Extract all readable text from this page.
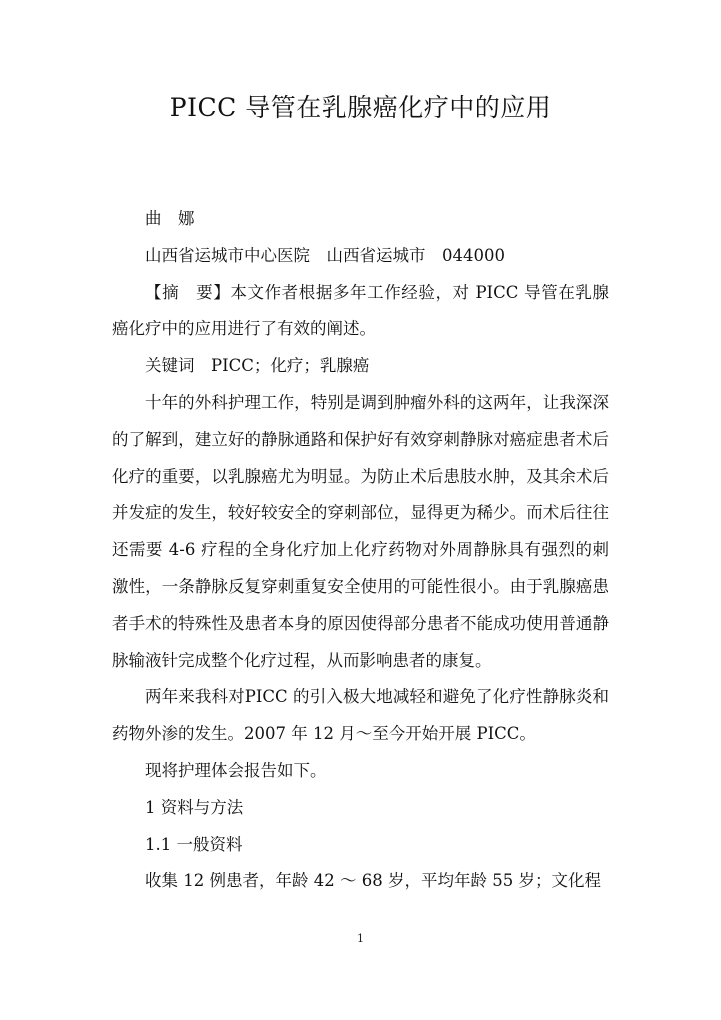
PICC 导管在乳腺癌化疗中的应用

曲　娜

山西省运城市中心医院　山西省运城市　044000

【摘　要】本文作者根据多年工作经验，对 PICC 导管在乳腺癌化疗中的应用进行了有效的阐述。

关键词　PICC；化疗；乳腺癌

十年的外科护理工作，特别是调到肿瘤外科的这两年，让我深深的了解到，建立好的静脉通路和保护好有效穿刺静脉对癌症患者术后化疗的重要，以乳腺癌尤为明显。为防止术后患肢水肿，及其余术后并发症的发生，较好较安全的穿刺部位，显得更为稀少。而术后往往还需要 4-6 疗程的全身化疗加上化疗药物对外周静脉具有强烈的刺激性，一条静脉反复穿刺重复安全使用的可能性很小。由于乳腺癌患者手术的特殊性及患者本身的原因使得部分患者不能成功使用普通静脉输液针完成整个化疗过程，从而影响患者的康复。

两年来我科对PICC 的引入极大地减轻和避免了化疗性静脉炎和药物外渗的发生。2007 年 12 月～至今开始开展 PICC。

现将护理体会报告如下。

1 资料与方法

1.1 一般资料

收集 12 例患者，年龄 42 ～ 68 岁，平均年龄 55 岁；文化程

1
